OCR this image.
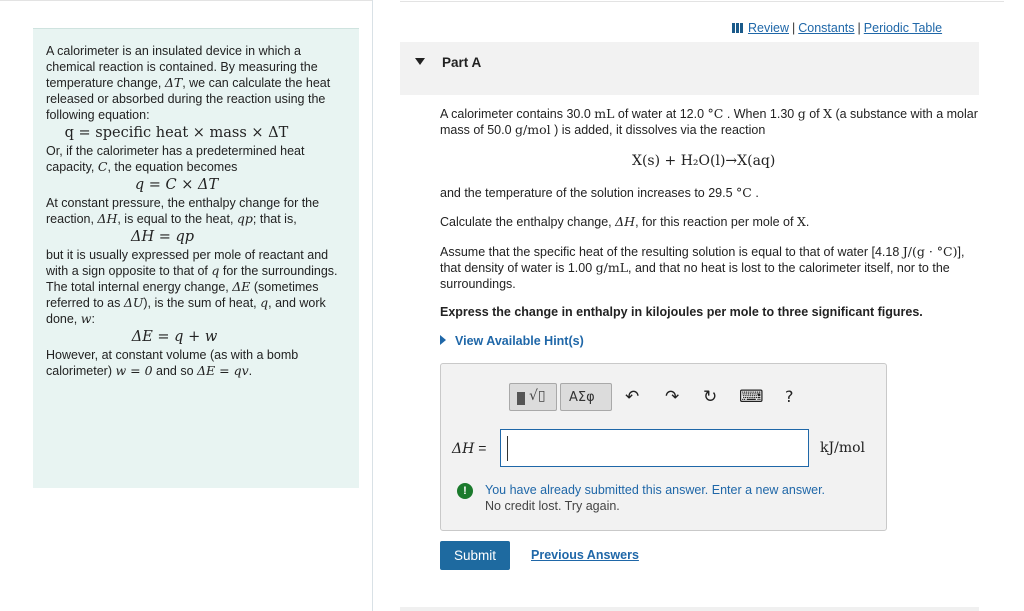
A calorimeter is an insulated device in which a chemical reaction is contained. By measuring the temperature change, ΔT, we can calculate the heat released or absorbed during the reaction using the following equation:

q = specific heat × mass × ΔT

Or, if the calorimeter has a predetermined heat capacity, C, the equation becomes

q = C × ΔT

At constant pressure, the enthalpy change for the reaction, ΔH, is equal to the heat, qp; that is,

ΔH = qp

but it is usually expressed per mole of reactant and with a sign opposite to that of q for the surroundings. The total internal energy change, ΔE (sometimes referred to as ΔU), is the sum of heat, q, and work done, w:

ΔE = q + w

However, at constant volume (as with a bomb calorimeter) w = 0 and so ΔE = qv.

Review | Constants | Periodic Table
Part A
A calorimeter contains 30.0 mL of water at 12.0 °C . When 1.30 g of X (a substance with a molar mass of 50.0 g/mol ) is added, it dissolves via the reaction
X(s) + H₂O(l)→X(aq)
and the temperature of the solution increases to 29.5 °C .
Calculate the enthalpy change, ΔH, for this reaction per mole of X.
Assume that the specific heat of the resulting solution is equal to that of water [4.18 J/(g · °C)], that density of water is 1.00 g/mL, and that no heat is lost to the calorimeter itself, nor to the surroundings.
Express the change in enthalpy in kilojoules per mole to three significant figures.
View Available Hint(s)
√▯ ΑΣφ ↶ ↷ ↻ ⌨ ?
ΔH =	kJ/mol
!	You have already submitted this answer. Enter a new answer.
No credit lost. Try again.
Submit	Previous Answers
